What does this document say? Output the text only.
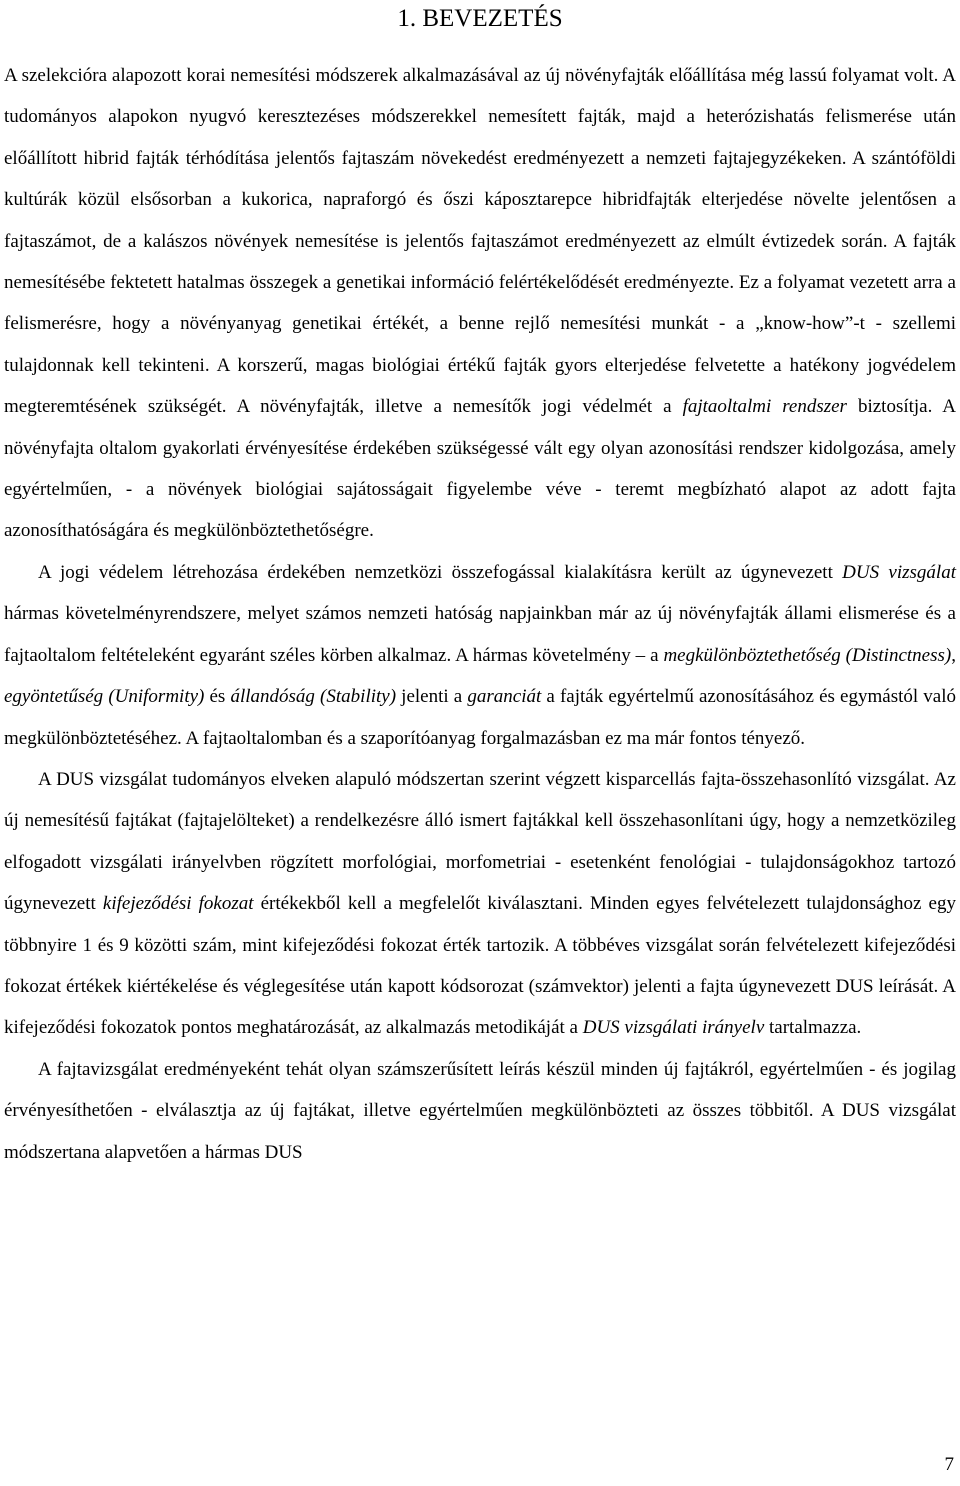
1. BEVEZETÉS

A szelekcióra alapozott korai nemesítési módszerek alkalmazásával az új növényfajták előállítása még lassú folyamat volt. A tudományos alapokon nyugvó keresztezéses módszerekkel nemesített fajták, majd a heterózishatás felismerése után előállított hibrid fajták térhódítása jelentős fajtaszám növekedést eredményezett a nemzeti fajtajegyzékeken. A szántóföldi kultúrák közül elsősorban a kukorica, napraforgó és őszi káposztarepce hibridfajták elterjedése növelte jelentősen a fajtaszámot, de a kalászos növények nemesítése is jelentős fajtaszámot eredményezett az elmúlt évtizedek során. A fajták nemesítésébe fektetett hatalmas összegek a genetikai információ felértékelődését eredményezte. Ez a folyamat vezetett arra a felismerésre, hogy a növényanyag genetikai értékét, a benne rejlő nemesítési munkát - a „know-how”-t - szellemi tulajdonnak kell tekinteni. A korszerű, magas biológiai értékű fajták gyors elterjedése felvetette a hatékony jogvédelem megteremtésének szükségét. A növényfajták, illetve a nemesítők jogi védelmét a fajtaoltalmi rendszer biztosítja. A növényfajta oltalom gyakorlati érvényesítése érdekében szükségessé vált egy olyan azonosítási rendszer kidolgozása, amely egyértelműen, - a növények biológiai sajátosságait figyelembe véve - teremt megbízható alapot az adott fajta azonosíthatóságára és megkülönböztethetőségre.

A jogi védelem létrehozása érdekében nemzetközi összefogással kialakításra került az úgynevezett DUS vizsgálat hármas követelményrendszere, melyet számos nemzeti hatóság napjainkban már az új növényfajták állami elismerése és a fajtaoltalom feltételeként egyaránt széles körben alkalmaz. A hármas követelmény – a megkülönböztethetőség (Distinctness), egyöntetűség (Uniformity) és állandóság (Stability) jelenti a garanciát a fajták egyértelmű azonosításához és egymástól való megkülönböztetéséhez. A fajtaoltalomban és a szaporítóanyag forgalmazásban ez ma már fontos tényező.

A DUS vizsgálat tudományos elveken alapuló módszertan szerint végzett kisparcellás fajta-összehasonlító vizsgálat. Az új nemesítésű fajtákat (fajtajelölteket) a rendelkezésre álló ismert fajtákkal kell összehasonlítani úgy, hogy a nemzetközileg elfogadott vizsgálati irányelvben rögzített morfológiai, morfometriai - esetenként fenológiai - tulajdonságokhoz tartozó úgynevezett kifejeződési fokozat értékekből kell a megfelelőt kiválasztani. Minden egyes felvételezett tulajdonsághoz egy többnyire 1 és 9 közötti szám, mint kifejeződési fokozat érték tartozik. A többéves vizsgálat során felvételezett kifejeződési fokozat értékek kiértékelése és véglegesítése után kapott kódsorozat (számvektor) jelenti a fajta úgynevezett DUS leírását. A kifejeződési fokozatok pontos meghatározását, az alkalmazás metodikáját a DUS vizsgálati irányelv tartalmazza.

A fajtavizsgálat eredményeként tehát olyan számszerűsített leírás készül minden új fajtákról, egyértelműen - és jogilag érvényesíthetően - elválasztja az új fajtákat, illetve egyértelműen megkülönbözteti az összes többitől. A DUS vizsgálat módszertana alapvetően a hármas DUS

7
